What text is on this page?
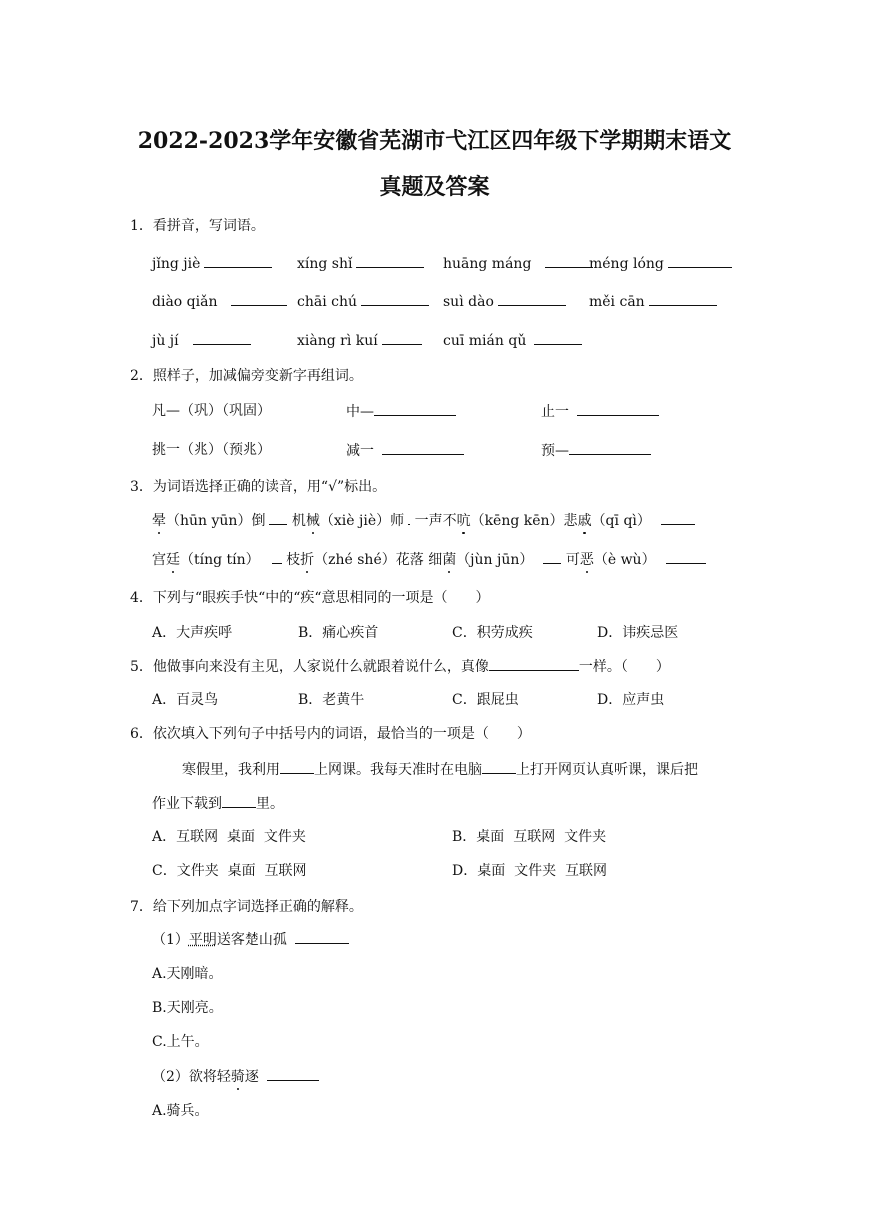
2022-2023学年安徽省芜湖市弋江区四年级下学期期末语文
真题及答案
1．看拼音，写词语。
jǐng jiè	xíng shǐ	huāng máng	méng lóng
diào qiǎn	chāi chú	suì dào	měi cān
jù jí	xiàng rì kuí	cuī mián qǔ
2．照样子，加减偏旁变新字再组词。
凡—（巩）（巩固）	中—	止一
挑一（兆）（预兆）	减一	预—
3．为词语选择正确的读音，用“√”标出。
晕（hūn yūn）倒 机械（xiè jiè）师 一声不吭（kēng kēn）悲戚（qī qì）
宫廷（tíng tín） 枝折（zhé shé）花落 细菌（jùn jūn） 可恶（è wù）
4．下列与“眼疾手快“中的“疾“意思相同的一项是（　　）
A．大声疾呼	B．痛心疾首	C．积劳成疾	D．讳疾忌医
5．他做事向来没有主见，人家说什么就跟着说什么，真像	一样。（　　）
A．百灵鸟	B．老黄牛	C．跟屁虫	D．应声虫
6．依次填入下列句子中括号内的词语，最恰当的一项是（　　）
寒假里，我利用 上网课。我每天准时在电脑 上打开网页认真听课，课后把
作业下载到 里。
A．互联网  桌面  文件夹	B．桌面  互联网  文件夹
C．文件夹  桌面  互联网	D．桌面  文件夹  互联网
7．给下列加点字词选择正确的解释。
（1）平明送客楚山孤
A.天刚暗。
B.天刚亮。
C.上午。
（2）欲将轻骑逐
A.骑兵。
